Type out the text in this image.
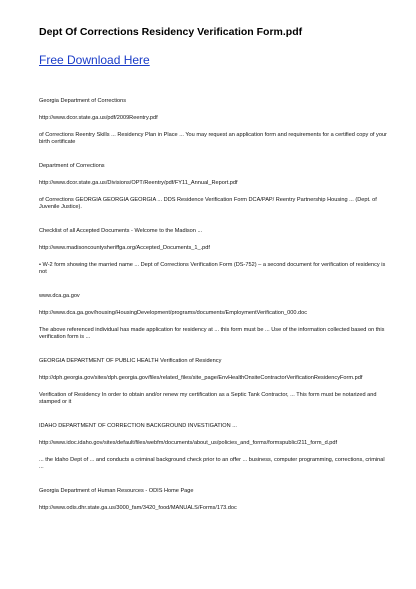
Dept Of Corrections Residency Verification Form.pdf
Free Download Here
Georgia Department of Corrections
http://www.dcor.state.ga.us/pdf/2009Reentry.pdf
of Corrections Reentry Skills ... Residency Plan in Place ... You may request an application form and requirements for a certified copy of your birth certificate
Department of Corrections
http://www.dcor.state.ga.us/Divisions/OPT/Reentry/pdf/FY11_Annual_Report.pdf
of Corrections GEORGIA GEORGIA GEORGIA ... DDS Residence Verification Form DCA/PAP/ Reentry Partnership Housing ... (Dept. of Juvenile Justice).
Checklist of all Accepted Documents - Welcome to the Madison ...
http://www.madisoncountysheriffga.org/Accepted_Documents_1_.pdf
• W-2 form showing the married name ... Dept of Corrections Verification Form (DS-752) – a second document for verification of residency is not
www.dca.ga.gov
http://www.dca.ga.gov/housing/HousingDevelopment/programs/documents/EmploymentVerification_000.doc
The above referenced individual has made application for residency at ... this form must be ... Use of the information collected based on this verification form is ...
GEORGIA DEPARTMENT OF PUBLIC HEALTH Verification of Residency
http://dph.georgia.gov/sites/dph.georgia.gov/files/related_files/site_page/EnvHealthOnsiteContractorVerificationResidencyForm.pdf
Verification of Residency In order to obtain and/or renew my certification as a Septic Tank Contractor, ... This form must be notarized and stamped or it
IDAHO DEPARTMENT OF CORRECTION BACKGROUND INVESTIGATION ...
http://www.idoc.idaho.gov/sites/default/files/webfm/documents/about_us/policies_and_forms/formspublic/211_form_d.pdf
... the Idaho Dept of ... and conducts a criminal background check prior to an offer ... business, computer programming, corrections, criminal ...
Georgia Department of Human Resources - ODIS Home Page
http://www.odis.dhr.state.ga.us/3000_fam/3420_food/MANUALS/Forms/173.doc
